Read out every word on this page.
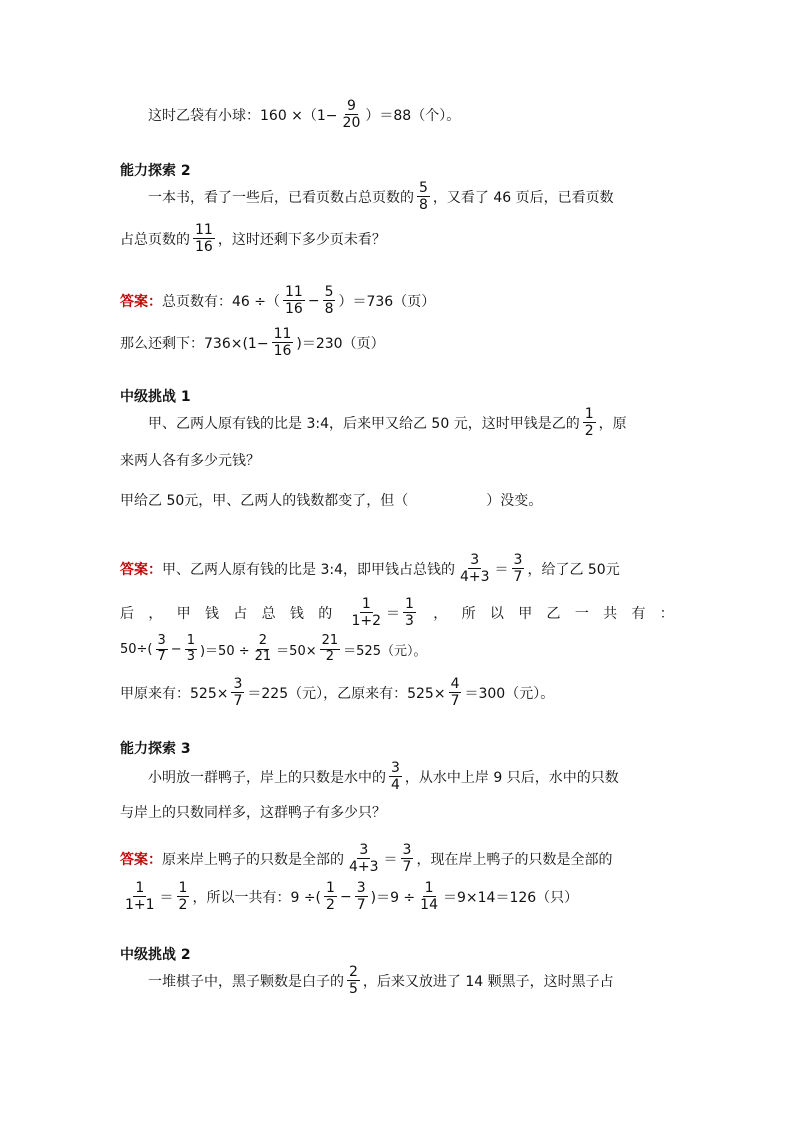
这时乙袋有小球：$160 \times(1- \frac{9}{20} )=88$（个）。
能力探索 2
一本书，看了一些后，已看页数占总页数的 $\frac{5}{8}$ ，又看了 46 页后，已看页数
占总页数的 $\frac{11}{16}$ ，这时还剩下多少页未看？
答案： 总页数有：46 ÷（ $\frac{11}{16} - \frac{5}{8} )=736$（页）
那么还剩下：$736\times(1- \frac{11}{16} )=230$（页）
中级挑战 1
甲、乙两人原有钱的比是 3:4，后来甲又给乙 50 元，这时甲钱是乙的 $\frac{1}{2}$ ，原
来两人各有多少元钱？
甲给乙 50元，甲、乙两人的钱数都变了，但（	）没变。
答案： 甲、乙两人原有钱的比是 3:4，即甲钱占总钱的 $\frac{3}{4+3} = \frac{3}{7}$ ，给了乙 50元
后 ， 甲 钱 占 总 钱 的 $\frac{1}{1+2} = \frac{1}{3}$ ， 所 以 甲 乙 一 共 有 ：
$50\div( \frac{3}{7} - \frac{1}{3} )=50 \div \frac{2}{21} =50\times \frac{21}{2} =525$（元）。
甲原来有：$525\times \frac{3}{7} =225$（元），乙原来有：$525\times \frac{4}{7} =300$（元）。
能力探索 3
小明放一群鸭子，岸上的只数是水中的 $\frac{3}{4}$ ，从水中上岸 9 只后，水中的只数
与岸上的只数同样多，这群鸭子有多少只？
答案： 原来岸上鸭子的只数是全部的 $\frac{3}{4+3} = \frac{3}{7}$ ，现在岸上鸭子的只数是全部的
$\frac{1}{1+1} = \frac{1}{2}$ ，所以一共有：9 ÷( $\frac{1}{2} - \frac{3}{7} )=9 \div \frac{1}{14} =9\times 14=126$（只）
中级挑战 2
一堆棋子中，黑子颗数是白子的 $\frac{2}{5}$ ，后来又放进了 14 颗黑子，这时黑子占
